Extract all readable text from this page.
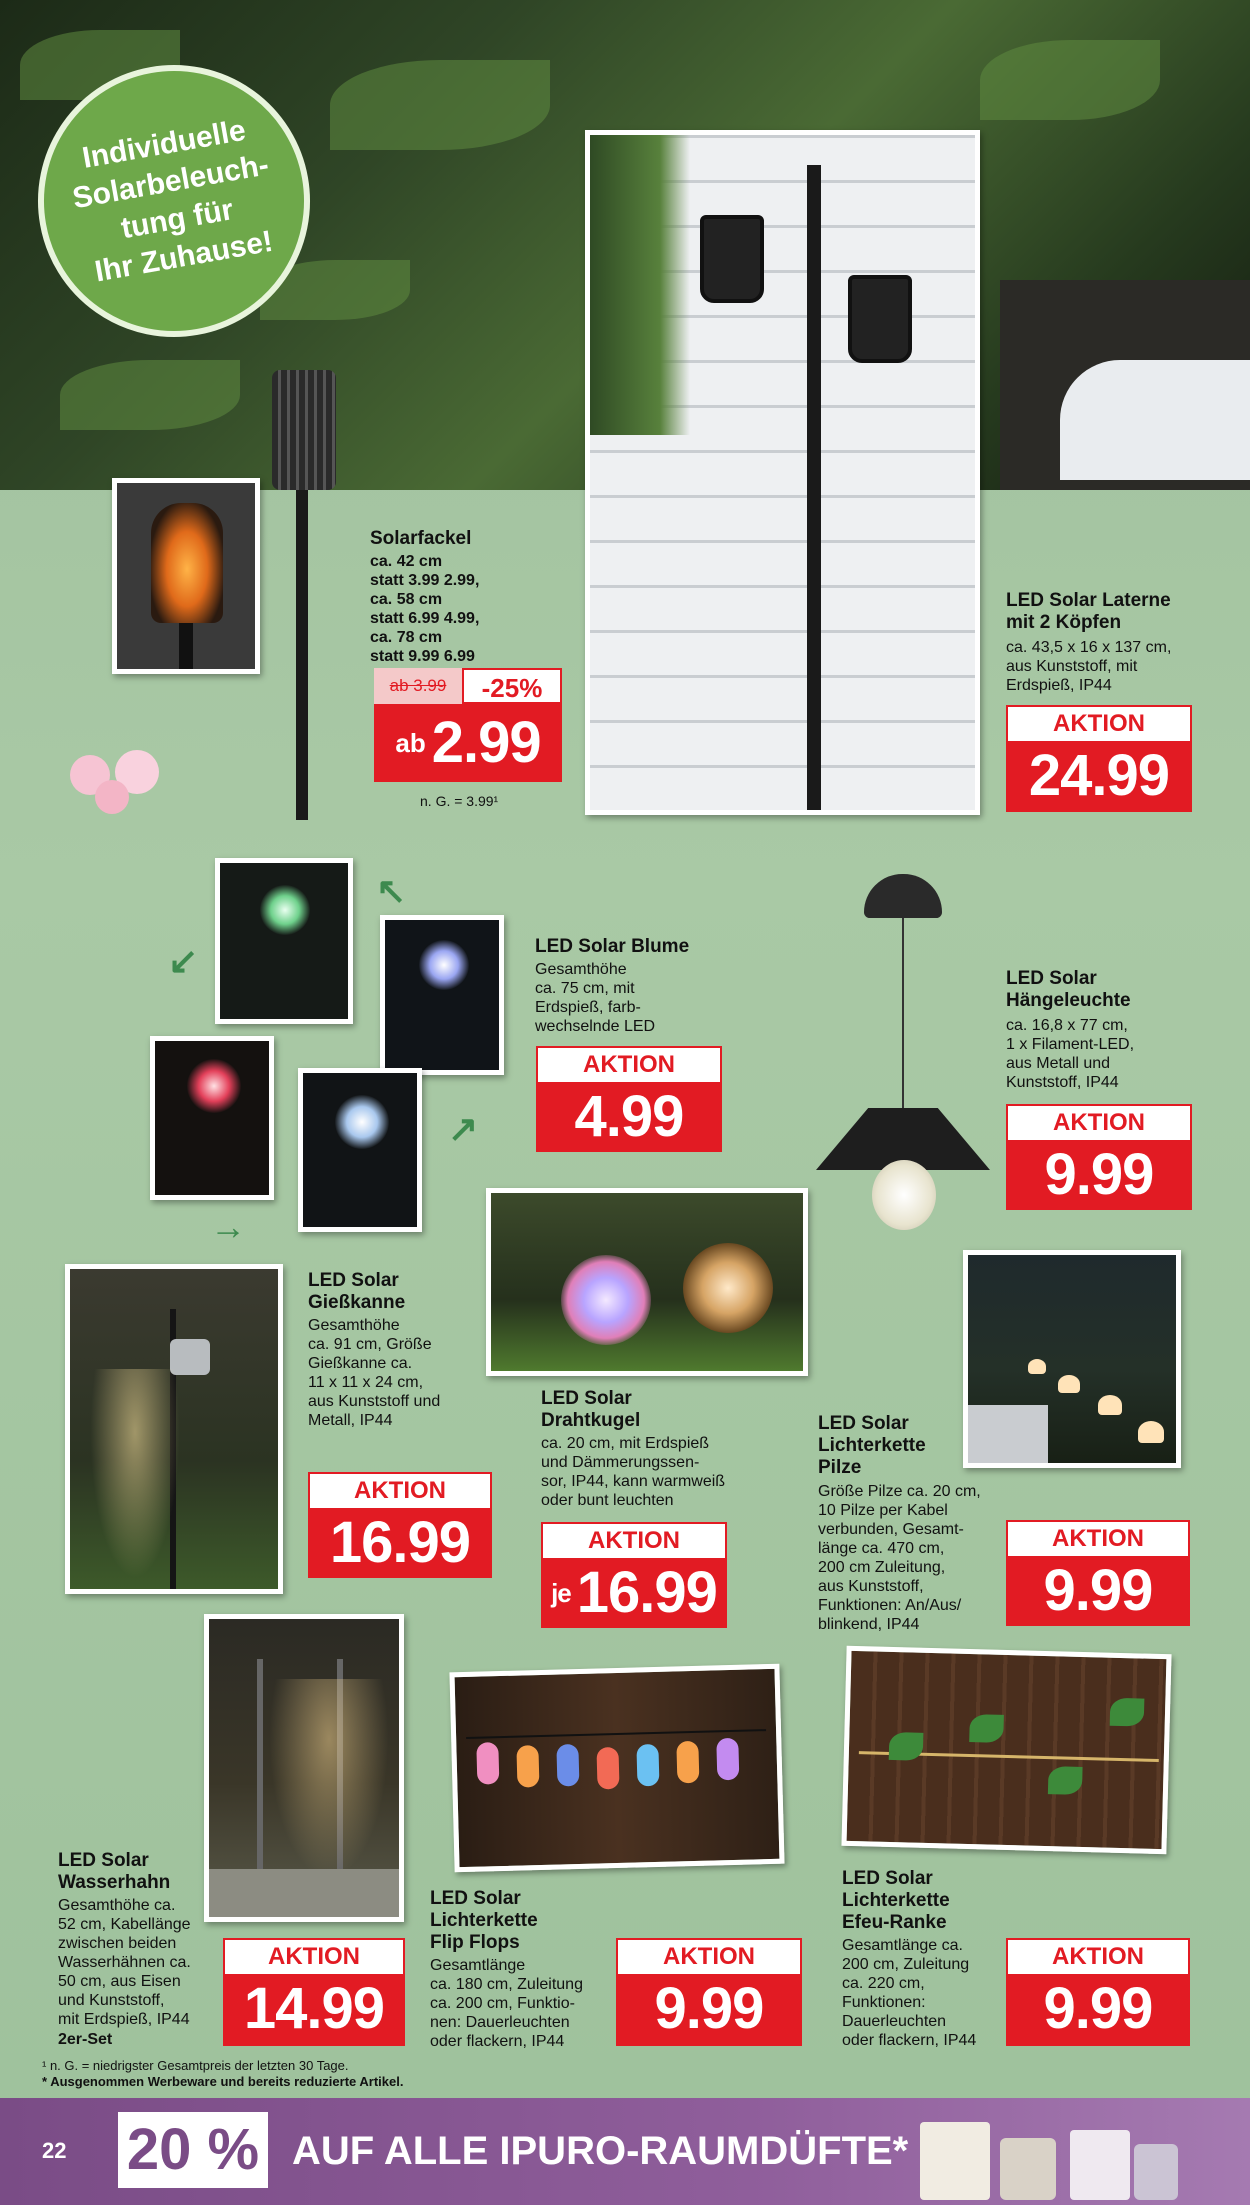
Individuelle
Solarbeleuch-
tung für
Ihr Zuhause!
Solarfackel
ca. 42 cm
statt 3.99 2.99,
ca. 58 cm
statt 6.99 4.99,
ca. 78 cm
statt 9.99 6.99
ab 3.99	-25%
ab 2.99
n. G. = 3.99¹
LED Solar Laterne
mit 2 Köpfen
ca. 43,5 x 16 x 137 cm,
aus Kunststoff, mit
Erdspieß, IP44
AKTION
24.99
↙
↖
↗
→
LED Solar Blume
Gesamthöhe
ca. 75 cm, mit
Erdspieß, farb-
wechselnde LED
AKTION
4.99
LED Solar
Hängeleuchte
ca. 16,8 x 77 cm,
1 x Filament-LED,
aus Metall und
Kunststoff, IP44
AKTION
9.99
LED Solar
Gießkanne
Gesamthöhe
ca. 91 cm, Größe
Gießkanne ca.
11 x 11 x 24 cm,
aus Kunststoff und
Metall, IP44
AKTION
16.99
LED Solar
Drahtkugel
ca. 20 cm, mit Erdspieß
und Dämmerungssen-
sor, IP44, kann warmweiß
oder bunt leuchten
AKTION
je 16.99
LED Solar
Lichterkette
Pilze
Größe Pilze ca. 20 cm,
10 Pilze per Kabel
verbunden, Gesamt-
länge ca. 470 cm,
200 cm Zuleitung,
aus Kunststoff,
Funktionen: An/Aus/
blinkend, IP44
AKTION
9.99
LED Solar
Wasserhahn
Gesamthöhe ca.
52 cm, Kabellänge
zwischen beiden
Wasserhähnen ca.
50 cm, aus Eisen
und Kunststoff,
mit Erdspieß, IP44
2er-Set
AKTION
14.99
LED Solar
Lichterkette
Flip Flops
Gesamtlänge
ca. 180 cm, Zuleitung
ca. 200 cm, Funktio-
nen: Dauerleuchten
oder flackern, IP44
AKTION
9.99
LED Solar
Lichterkette
Efeu-Ranke
Gesamtlänge ca.
200 cm, Zuleitung
ca. 220 cm,
Funktionen:
Dauerleuchten
oder flackern, IP44
AKTION
9.99
¹ n. G. = niedrigster Gesamtpreis der letzten 30 Tage.
* Ausgenommen Werbeware und bereits reduzierte Artikel.
22 20 % AUF ALLE IPURO-RAUMDÜFTE*
